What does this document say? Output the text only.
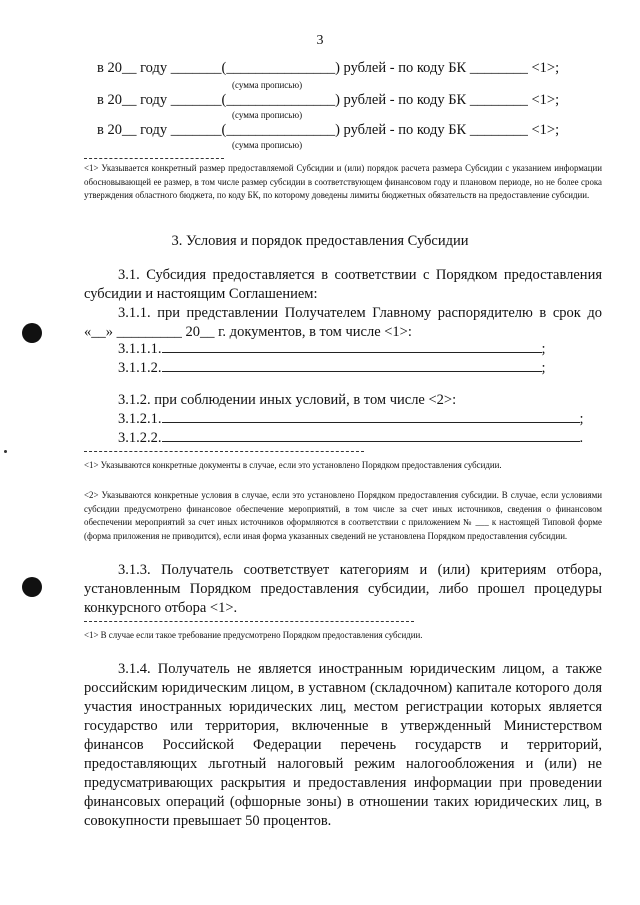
3
в 20__ году _______(_______________) рублей - по коду БК ________ <1>;
(сумма прописью)
в 20__ году _______(_______________) рублей - по коду БК ________ <1>;
(сумма прописью)
в 20__ году _______(_______________) рублей - по коду БК ________ <1>;
(сумма прописью)
<1> Указывается конкретный размер предоставляемой Субсидии и (или) порядок расчета размера Субсидии с указанием информации обосновывающей ее размер, в том числе размер субсидии в соответствующем финансовом году и плановом периоде, но не более срока утверждения областного бюджета, по коду БК, по которому доведены лимиты бюджетных обязательств на предоставление субсидии.
3. Условия и порядок предоставления Субсидии
3.1. Субсидия предоставляется в соответствии с Порядком предоставления субсидии и настоящим Соглашением:
3.1.1. при представлении Получателем Главному распорядителю в срок до «__» _________ 20__ г. документов, в том числе <1>:
3.1.1.1.	;
3.1.1.2.	;
3.1.2. при соблюдении иных условий, в том числе <2>:
3.1.2.1.	;
3.1.2.2.	.
<1> Указываются конкретные документы в случае, если это установлено Порядком предоставления субсидии.
<2> Указываются конкретные условия в случае, если это установлено Порядком предоставления субсидии. В случае, если условиями субсидии предусмотрено финансовое обеспечение мероприятий, в том числе за счет иных источников, сведения о финансовом обеспечении мероприятий за счет иных источников оформляются в соответствии с приложением № ___ к настоящей Типовой форме (форма приложения не приводится), если иная форма указанных сведений не установлена Порядком предоставления субсидии.
3.1.3. Получатель соответствует категориям и (или) критериям отбора, установленным Порядком предоставления субсидии, либо прошел процедуры конкурсного отбора <1>.
<1> В случае если такое требование предусмотрено Порядком предоставления субсидии.
3.1.4. Получатель не является иностранным юридическим лицом, а также российским юридическим лицом, в уставном (складочном) капитале которого доля участия иностранных юридических лиц, местом регистрации которых является государство или территория, включенные в утвержденный Министерством финансов Российской Федерации перечень государств и территорий, предоставляющих льготный налоговый режим налогообложения и (или) не предусматривающих раскрытия и предоставления информации при проведении финансовых операций (офшорные зоны) в отношении таких юридических лиц, в совокупности превышает 50 процентов.
